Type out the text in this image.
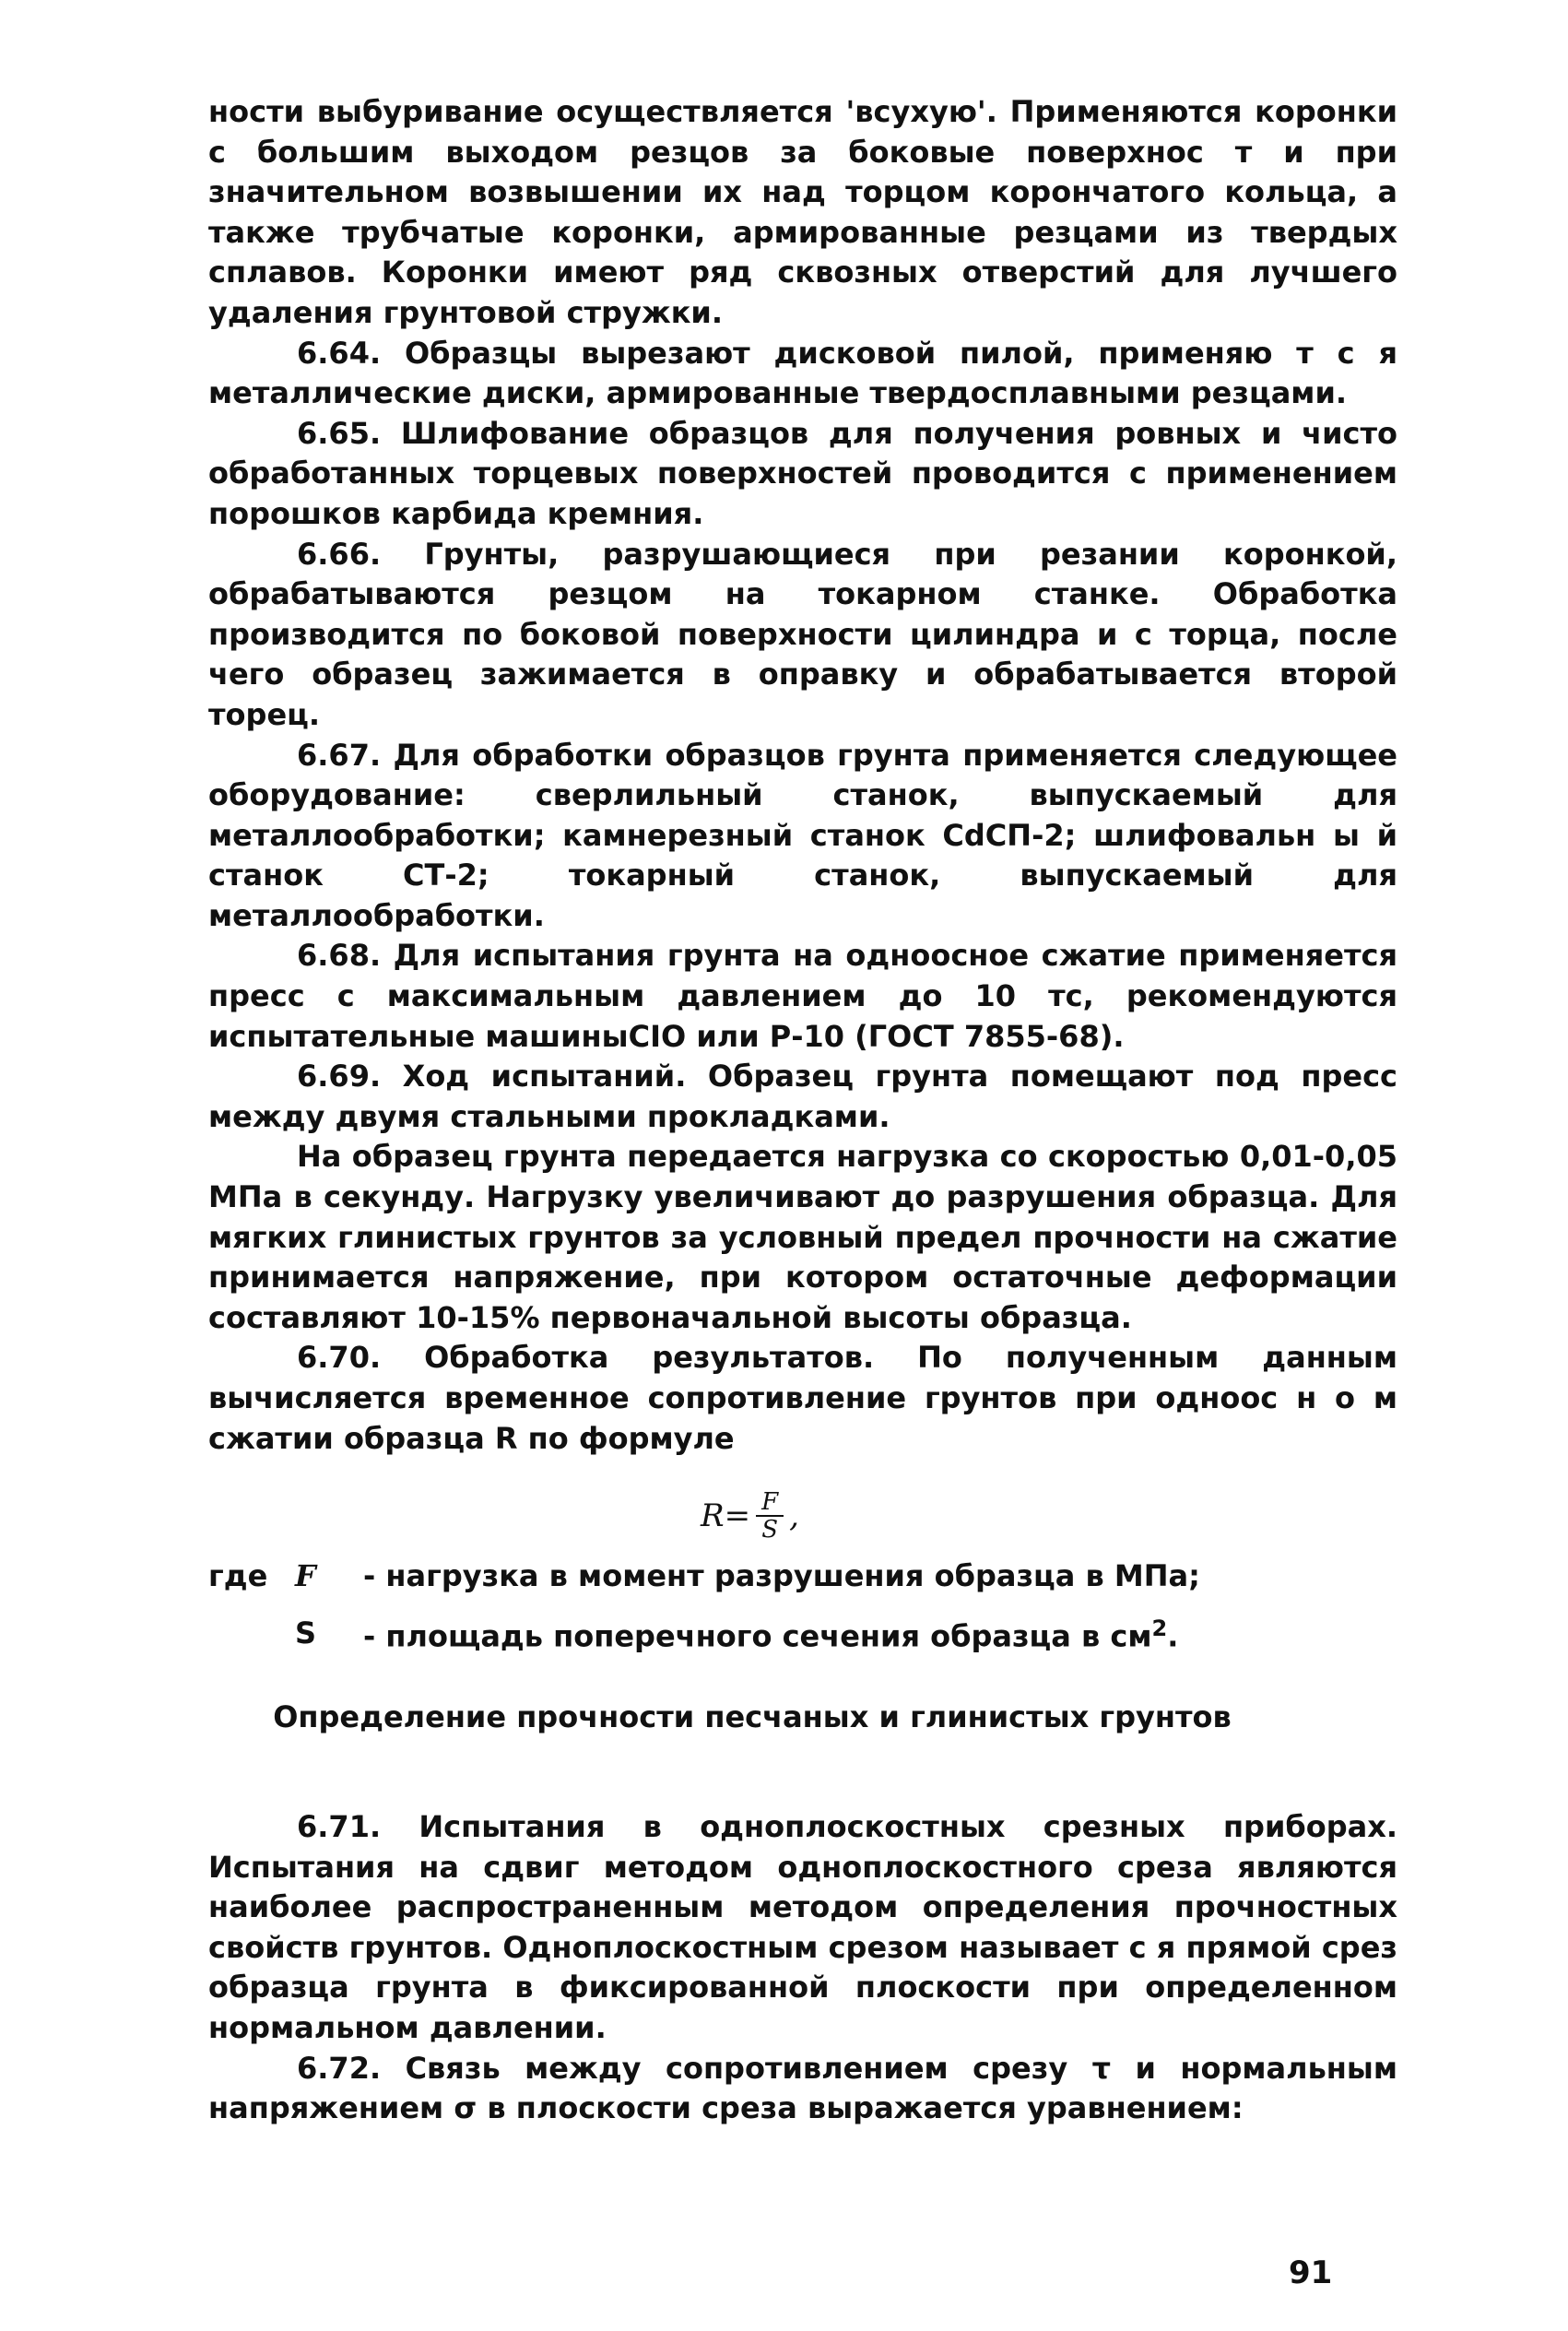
ности выбуривание осуществляется 'всухую'. Применяются коронки с большим выходом резцов за боковые поверхнос т и при значительном возвышении их над торцом корончатого кольца, а также трубчатые коронки, армированные резцами из твердых сплавов. Коронки имеют ряд сквозных отверстий для лучшего удаления грунтовой стружки.

6.64. Образцы вырезают дисковой пилой, применяю т с я металлические диски, армированные твердосплавными резцами.

6.65. Шлифование образцов для получения ровных и чисто обработанных торцевых поверхностей проводится с применением порошков карбида кремния.

6.66. Грунты, разрушающиеся при резании коронкой, обрабатываются резцом на токарном станке. Обработка производится по боковой поверхности цилиндра и с торца, после чего образец зажимается в оправку и обрабатывается второй торец.

6.67. Для обработки образцов грунта применяется следующее оборудование: сверлильный станок, выпускаемый для металлообработки; камнерезный станок СdСП-2; шлифовальн ы й станок СТ-2; токарный станок, выпускаемый для металлообработки.

6.68. Для испытания грунта на одноосное сжатие применяется пресс с максимальным давлением до 10 тс, рекомендуются испытательные машиныСІО или Р-10 (ГОСТ 7855-68).

6.69. Ход испытаний. Образец грунта помещают под пресс между двумя стальными прокладками.

На образец грунта передается нагрузка со скоростью 0,01-0,05 МПа в секунду. Нагрузку увеличивают до разрушения образца. Для мягких глинистых грунтов за условный предел прочности на сжатие принимается напряжение, при котором остаточные деформации составляют 10-15% первоначальной высоты образца.

6.70. Обработка результатов. По полученным данным вычисляется временное сопротивление грунтов при одноос н о м сжатии образца R по формуле

$R = \frac{F}{S}$ ,
где F - нагрузка в момент разрушения образца в МПа;
S - площадь поперечного сечения образца в $см^2$.
Определение прочности песчаных и глинистых грунтов

6.71. Испытания в одноплоскостных срезных приборах. Испытания на сдвиг методом одноплоскостного среза являются наиболее распространенным методом определения прочностных свойств грунтов. Одноплоскостным срезом называет с я прямой срез образца грунта в фиксированной плоскости при определенном нормальном давлении.

6.72. Связь между сопротивлением срезу τ и нормальным напряжением σ в плоскости среза выражается уравнением:

91
